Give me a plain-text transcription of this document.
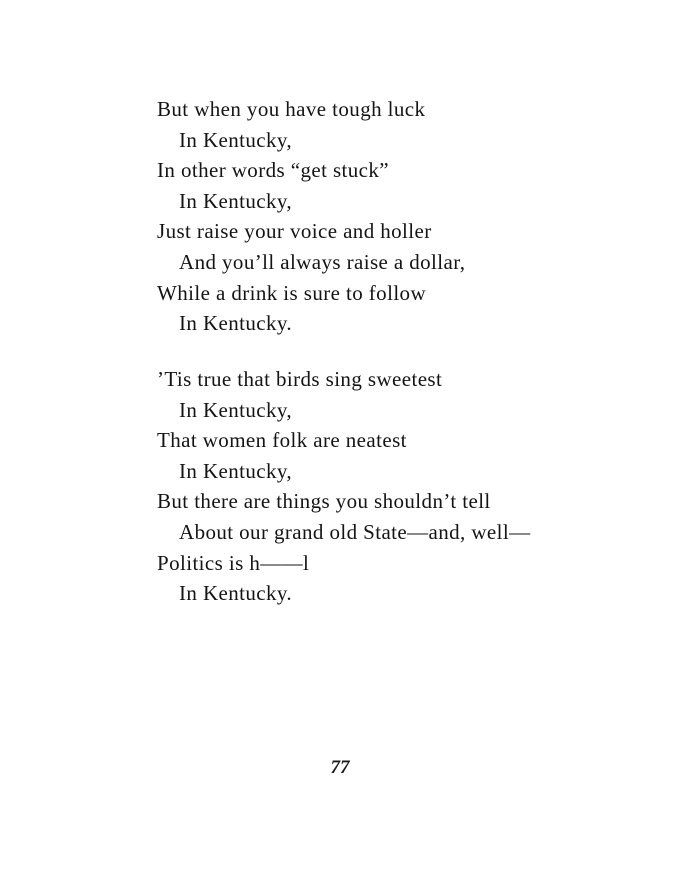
But when you have tough luck
In Kentucky,
In other words “get stuck”
In Kentucky,
Just raise your voice and holler
And you’ll always raise a dollar,
While a drink is sure to follow
In Kentucky.
’Tis true that birds sing sweetest
In Kentucky,
That women folk are neatest
In Kentucky,
But there are things you shouldn’t tell
About our grand old State—and, well—
Politics is h——l
In Kentucky.
77
